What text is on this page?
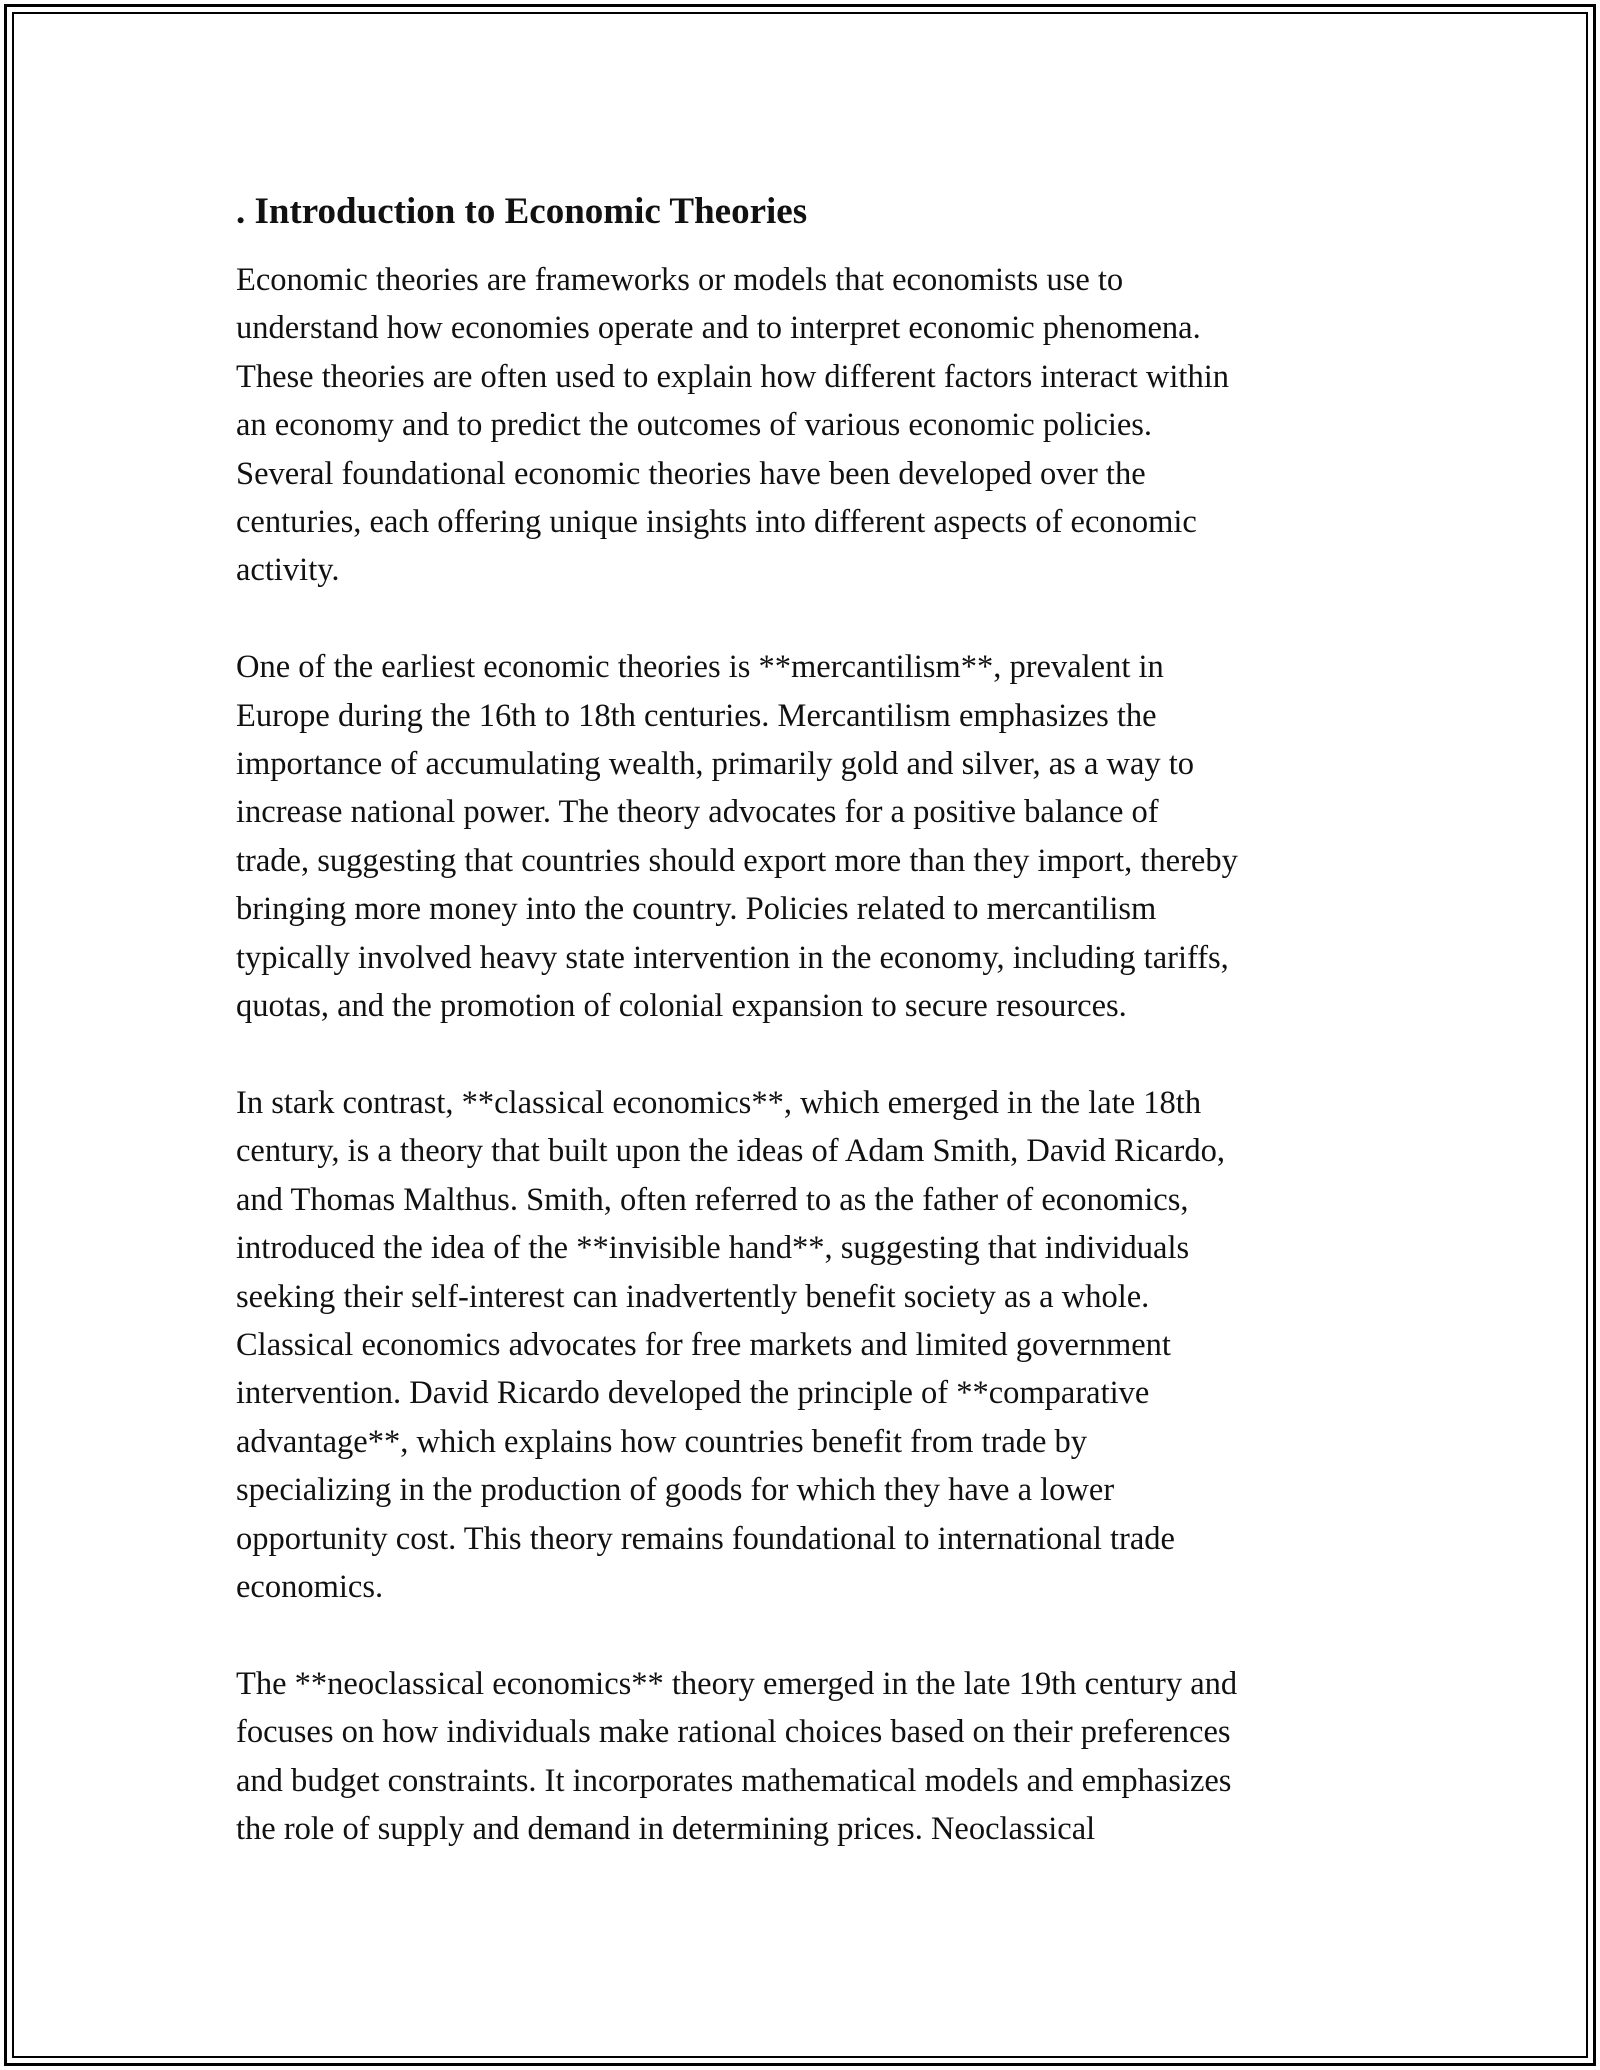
. Introduction to Economic Theories
Economic theories are frameworks or models that economists use to
understand how economies operate and to interpret economic phenomena.
These theories are often used to explain how different factors interact within
an economy and to predict the outcomes of various economic policies.
Several foundational economic theories have been developed over the
centuries, each offering unique insights into different aspects of economic
activity.
One of the earliest economic theories is **mercantilism**, prevalent in
Europe during the 16th to 18th centuries. Mercantilism emphasizes the
importance of accumulating wealth, primarily gold and silver, as a way to
increase national power. The theory advocates for a positive balance of
trade, suggesting that countries should export more than they import, thereby
bringing more money into the country. Policies related to mercantilism
typically involved heavy state intervention in the economy, including tariffs,
quotas, and the promotion of colonial expansion to secure resources.
In stark contrast, **classical economics**, which emerged in the late 18th
century, is a theory that built upon the ideas of Adam Smith, David Ricardo,
and Thomas Malthus. Smith, often referred to as the father of economics,
introduced the idea of the **invisible hand**, suggesting that individuals
seeking their self-interest can inadvertently benefit society as a whole.
Classical economics advocates for free markets and limited government
intervention. David Ricardo developed the principle of **comparative
advantage**, which explains how countries benefit from trade by
specializing in the production of goods for which they have a lower
opportunity cost. This theory remains foundational to international trade
economics.
The **neoclassical economics** theory emerged in the late 19th century and
focuses on how individuals make rational choices based on their preferences
and budget constraints. It incorporates mathematical models and emphasizes
the role of supply and demand in determining prices. Neoclassical
